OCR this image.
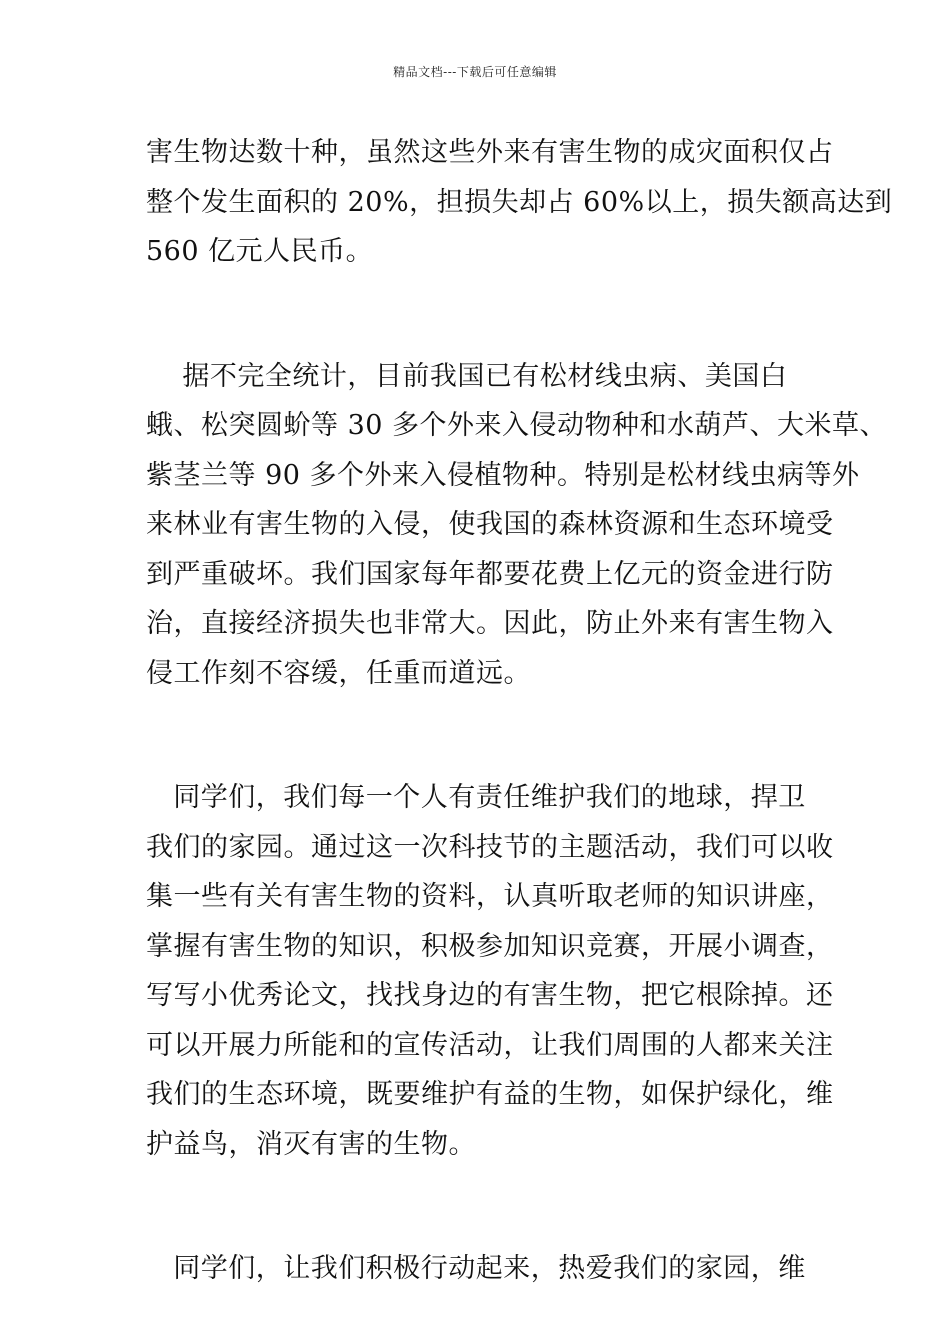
精品文档---下载后可任意编辑
害生物达数十种，虽然这些外来有害生物的成灾面积仅占
整个发生面积的 20%，担损失却占 60%以上，损失额高达到
560 亿元人民币。
据不完全统计，目前我国已有松材线虫病、美国白
蛾、松突圆蚧等 30 多个外来入侵动物种和水葫芦、大米草、
紫茎兰等 90 多个外来入侵植物种。特别是松材线虫病等外
来林业有害生物的入侵，使我国的森林资源和生态环境受
到严重破坏。我们国家每年都要花费上亿元的资金进行防
治，直接经济损失也非常大。因此，防止外来有害生物入
侵工作刻不容缓，任重而道远。
同学们，我们每一个人有责任维护我们的地球，捍卫
我们的家园。通过这一次科技节的主题活动，我们可以收
集一些有关有害生物的资料，认真听取老师的知识讲座，
掌握有害生物的知识，积极参加知识竞赛，开展小调查，
写写小优秀论文，找找身边的有害生物，把它根除掉。还
可以开展力所能和的宣传活动，让我们周围的人都来关注
我们的生态环境，既要维护有益的生物，如保护绿化，维
护益鸟，消灭有害的生物。
同学们，让我们积极行动起来，热爱我们的家园，维
